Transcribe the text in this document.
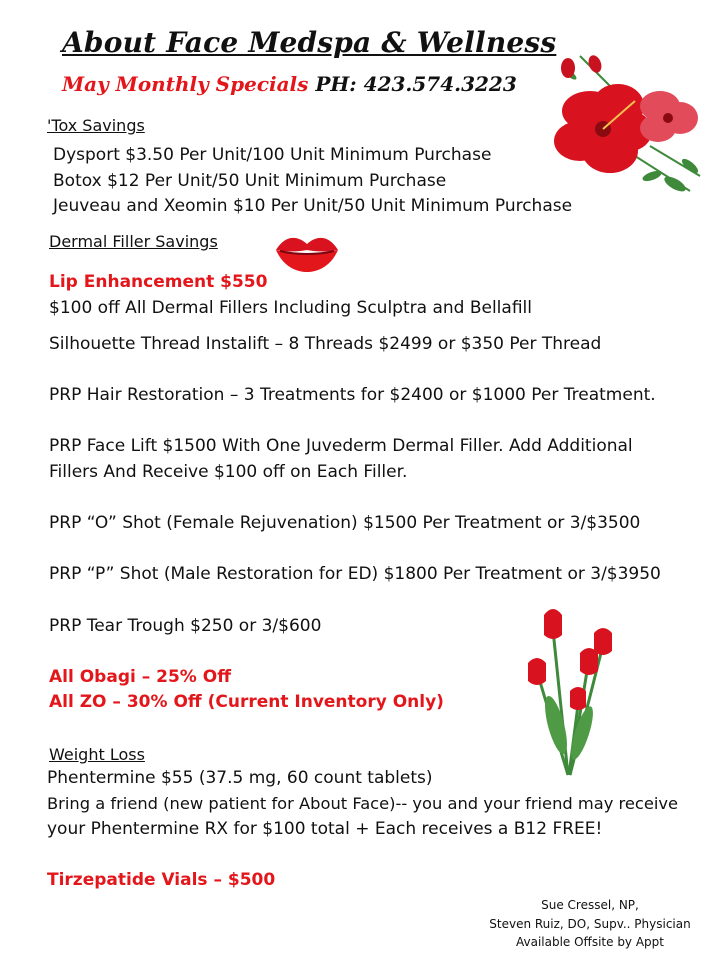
About Face Medspa & Wellness
May Monthly Specials PH: 423.574.3223
'Tox Savings
Dysport $3.50 Per Unit/100 Unit Minimum Purchase
Botox $12 Per Unit/50 Unit Minimum Purchase
Jeuveau and Xeomin $10 Per Unit/50 Unit Minimum Purchase
Dermal Filler Savings
Lip Enhancement $550
$100 off All Dermal Fillers Including Sculptra and Bellafill
Silhouette Thread Instalift – 8 Threads $2499 or $350 Per Thread
PRP Hair Restoration – 3 Treatments for $2400 or $1000 Per Treatment.
PRP Face Lift $1500 With One Juvederm Dermal Filler. Add Additional
Fillers And Receive $100 off on Each Filler.
PRP “O” Shot (Female Rejuvenation) $1500 Per Treatment or 3/$3500
PRP “P” Shot (Male Restoration for ED) $1800 Per Treatment or 3/$3950
PRP Tear Trough $250 or 3/$600
All Obagi – 25% Off
All ZO – 30% Off (Current Inventory Only)
Weight Loss
Phentermine $55 (37.5 mg, 60 count tablets)
Bring a friend (new patient for About Face)-- you and your friend may receive
your Phentermine RX for $100 total + Each receives a B12 FREE!
Tirzepatide Vials – $500
Sue Cressel, NP,
Steven Ruiz, DO, Supv.. Physician
Available Offsite by Appt
